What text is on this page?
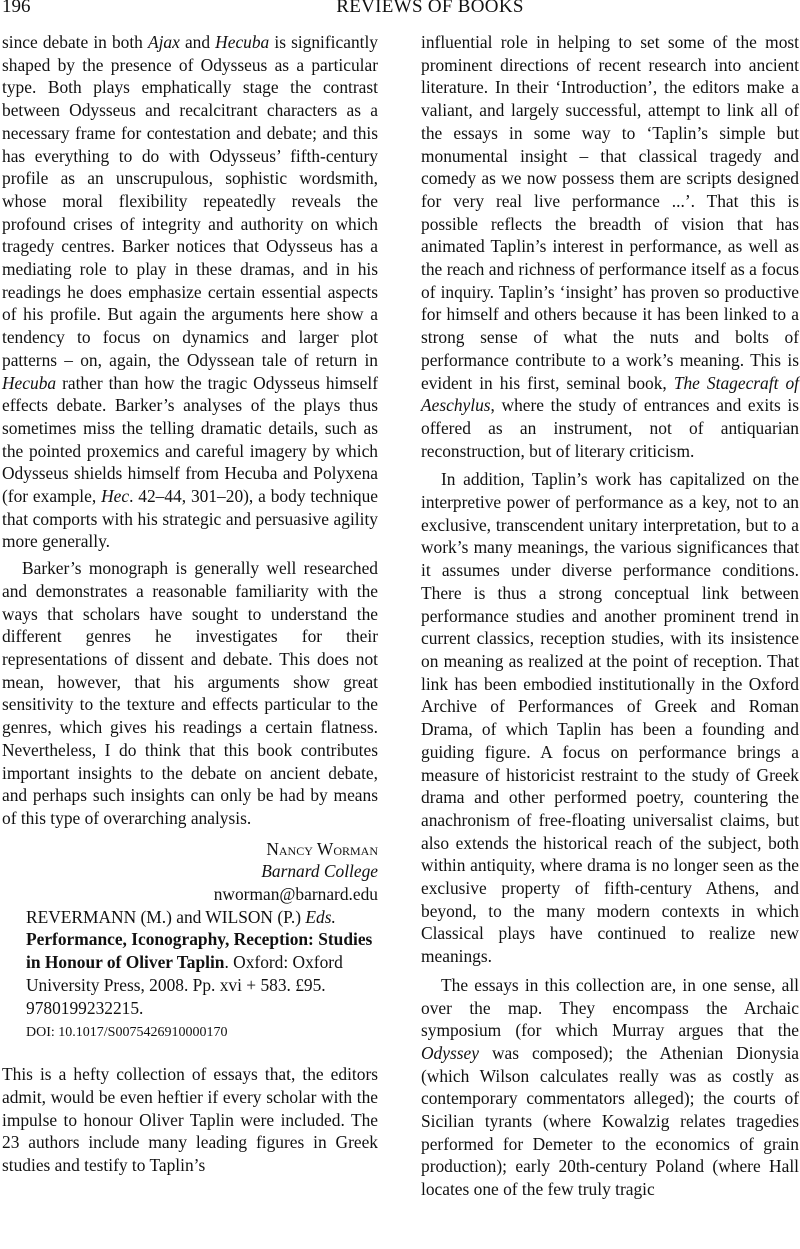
196	REVIEWS OF BOOKS

since debate in both Ajax and Hecuba is significantly shaped by the presence of Odysseus as a particular type. Both plays emphatically stage the contrast between Odysseus and recalcitrant characters as a necessary frame for contestation and debate; and this has everything to do with Odysseus’ fifth-century profile as an unscrupulous, sophistic wordsmith, whose moral flexibility repeatedly reveals the profound crises of integrity and authority on which tragedy centres. Barker notices that Odysseus has a mediating role to play in these dramas, and in his readings he does emphasize certain essential aspects of his profile. But again the arguments here show a tendency to focus on dynamics and larger plot patterns – on, again, the Odyssean tale of return in Hecuba rather than how the tragic Odysseus himself effects debate. Barker’s analyses of the plays thus sometimes miss the telling dramatic details, such as the pointed proxemics and careful imagery by which Odysseus shields himself from Hecuba and Polyxena (for example, Hec. 42–44, 301–20), a body technique that comports with his strategic and persuasive agility more generally.

Barker’s monograph is generally well researched and demonstrates a reasonable familiarity with the ways that scholars have sought to understand the different genres he investigates for their representations of dissent and debate. This does not mean, however, that his arguments show great sensitivity to the texture and effects particular to the genres, which gives his readings a certain flatness. Nevertheless, I do think that this book contributes important insights to the debate on ancient debate, and perhaps such insights can only be had by means of this type of overarching analysis.

Nancy Worman
Barnard College
nworman@barnard.edu

REVERMANN (M.) and WILSON (P.) Eds. Performance, Iconography, Reception: Studies in Honour of Oliver Taplin. Oxford: Oxford University Press, 2008. Pp. xvi + 583. £95. 9780199232215.

DOI: 10.1017/S0075426910000170

This is a hefty collection of essays that, the editors admit, would be even heftier if every scholar with the impulse to honour Oliver Taplin were included. The 23 authors include many leading figures in Greek studies and testify to Taplin’s

influential role in helping to set some of the most prominent directions of recent research into ancient literature. In their ‘Introduction’, the editors make a valiant, and largely successful, attempt to link all of the essays in some way to ‘Taplin’s simple but monumental insight – that classical tragedy and comedy as we now possess them are scripts designed for very real live performance ...’. That this is possible reflects the breadth of vision that has animated Taplin’s interest in performance, as well as the reach and richness of performance itself as a focus of inquiry. Taplin’s ‘insight’ has proven so productive for himself and others because it has been linked to a strong sense of what the nuts and bolts of performance contribute to a work’s meaning. This is evident in his first, seminal book, The Stagecraft of Aeschylus, where the study of entrances and exits is offered as an instrument, not of antiquarian reconstruction, but of literary criticism.

In addition, Taplin’s work has capitalized on the interpretive power of performance as a key, not to an exclusive, transcendent unitary interpretation, but to a work’s many meanings, the various significances that it assumes under diverse performance conditions. There is thus a strong conceptual link between performance studies and another prominent trend in current classics, reception studies, with its insistence on meaning as realized at the point of reception. That link has been embodied institutionally in the Oxford Archive of Performances of Greek and Roman Drama, of which Taplin has been a founding and guiding figure. A focus on performance brings a measure of historicist restraint to the study of Greek drama and other performed poetry, countering the anachronism of free-floating universalist claims, but also extends the historical reach of the subject, both within antiquity, where drama is no longer seen as the exclusive property of fifth-century Athens, and beyond, to the many modern contexts in which Classical plays have continued to realize new meanings.

The essays in this collection are, in one sense, all over the map. They encompass the Archaic symposium (for which Murray argues that the Odyssey was composed); the Athenian Dionysia (which Wilson calculates really was as costly as contemporary commentators alleged); the courts of Sicilian tyrants (where Kowalzig relates tragedies performed for Demeter to the economics of grain production); early 20th-century Poland (where Hall locates one of the few truly tragic
